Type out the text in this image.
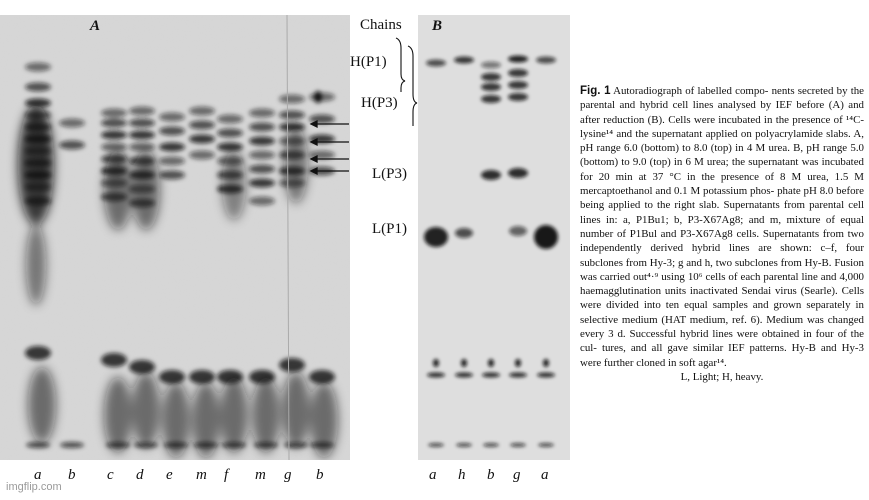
A	Chains
H(P1)
H(P3)
L(P3)
L(P1)
B
a b c d e m f m g b	a h b g a
Fig. 1 Autoradiograph of labelled compo- nents secreted by the parental and hybrid cell lines analysed by IEF before (A) and after reduction (B). Cells were incubated in the presence of ¹⁴C-lysine¹⁴ and the supernatant applied on polyacrylamide slabs. A, pH range 6.0 (bottom) to 8.0 (top) in 4 M urea. B, pH range 5.0 (bottom) to 9.0 (top) in 6 M urea; the supernatant was incubated for 20 min at 37 °C in the presence of 8 M urea, 1.5 M mercaptoethanol and 0.1 M potassium phos- phate pH 8.0 before being applied to the right slab. Supernatants from parental cell lines in: a, P1Bu1; b, P3-X67Ag8; and m, mixture of equal number of P1Bul and P3-X67Ag8 cells. Supernatants from two independently derived hybrid lines are shown: c–f, four subclones from Hy-3; g and h, two subclones from Hy-B. Fusion was carried out⁴·⁹ using 10⁶ cells of each parental line and 4,000 haemagglutination units inactivated Sendai virus (Searle). Cells were divided into ten equal samples and grown separately in selective medium (HAT medium, ref. 6). Medium was changed every 3 d. Successful hybrid lines were obtained in four of the cul- tures, and all gave similar IEF patterns. Hy-B and Hy-3 were further cloned in soft agar¹⁴.
L, Light; H, heavy.
imgflip.com
